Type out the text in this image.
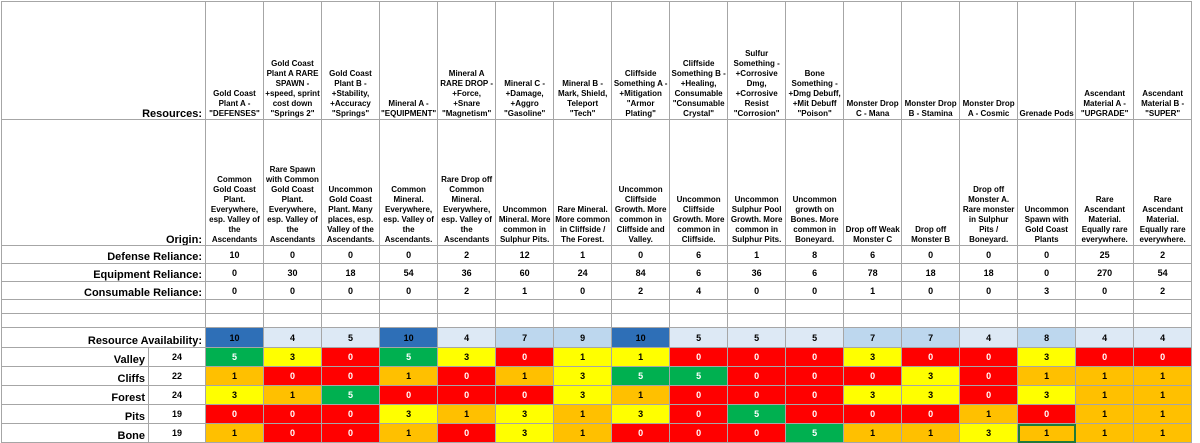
Resources:		Gold Coast Plant A - "DEFENSES"	Gold Coast Plant A RARE SPAWN - +speed, sprint cost down "Springs 2"	Gold Coast Plant B - +Stability, +Accuracy "Springs"	Mineral A - "EQUIPMENT"	Mineral A RARE DROP - +Force, +Snare "Magnetism"	Mineral C - +Damage, +Aggro "Gasoline"	Mineral B - Mark, Shield, Teleport "Tech"	Cliffside Something A - +Mitigation "Armor Plating"	Cliffside Something B - +Healing, Consumable "Consumable Crystal"	Sulfur Something - +Corrosive Dmg, +Corrosive Resist "Corrosion"	Bone Something - +Dmg Debuff, +Mit Debuff "Poison"	Monster Drop C - Mana	Monster Drop B - Stamina	Monster Drop A - Cosmic	Grenade Pods	Ascendant Material A - "UPGRADE"	Ascendant Material B - "SUPER"
Origin:		Common Gold Coast Plant. Everywhere, esp. Valley of the Ascendants	Rare Spawn with Common Gold Coast Plant. Everywhere, esp. Valley of the Ascendants	Uncommon Gold Coast Plant. Many places, esp. Valley of the Ascendants.	Common Mineral. Everywhere, esp. Valley of the Ascendants.	Rare Drop off Common Mineral. Everywhere, esp. Valley of the Ascendants	Uncommon Mineral. More common in Sulphur Pits.	Rare Mineral. More common in Cliffside / The Forest.	Uncommon Cliffside Growth. More common in Cliffside and Valley.	Uncommon Cliffside Growth. More common in Cliffside.	Uncommon Sulphur Pool Growth. More common in Sulphur Pits.	Uncommon growth on Bones. More common in Boneyard.	Drop off Weak Monster C	Drop off Monster B	Drop off Monster A. Rare monster in Sulphur Pits / Boneyard.	Uncommon Spawn with Gold Coast Plants	Rare Ascendant Material. Equally rare everywhere.	Rare Ascendant Material. Equally rare everywhere.
Defense Reliance:		10	0	0	0	2	12	1	0	6	1	8	6	0	0	0	25	2
Equipment Reliance:		0	30	18	54	36	60	24	84	6	36	6	78	18	18	0	270	54
Consumable Reliance:		0	0	0	0	2	1	0	2	4	0	0	1	0	0	3	0	2

Resource Availability:		10	4	5	10	4	7	9	10	5	5	5	7	7	4	8	4	4
Valley	24	5	3	0	5	3	0	1	1	0	0	0	3	0	0	3	0	0
Cliffs	22	1	0	0	1	0	1	3	5	5	0	0	0	3	0	1	1	1
Forest	24	3	1	5	0	0	0	3	1	0	0	0	3	3	0	3	1	1
Pits	19	0	0	0	3	1	3	1	3	0	5	0	0	0	1	0	1	1
Bone	19	1	0	0	1	0	3	1	0	0	0	5	1	1	3	1	1	1
